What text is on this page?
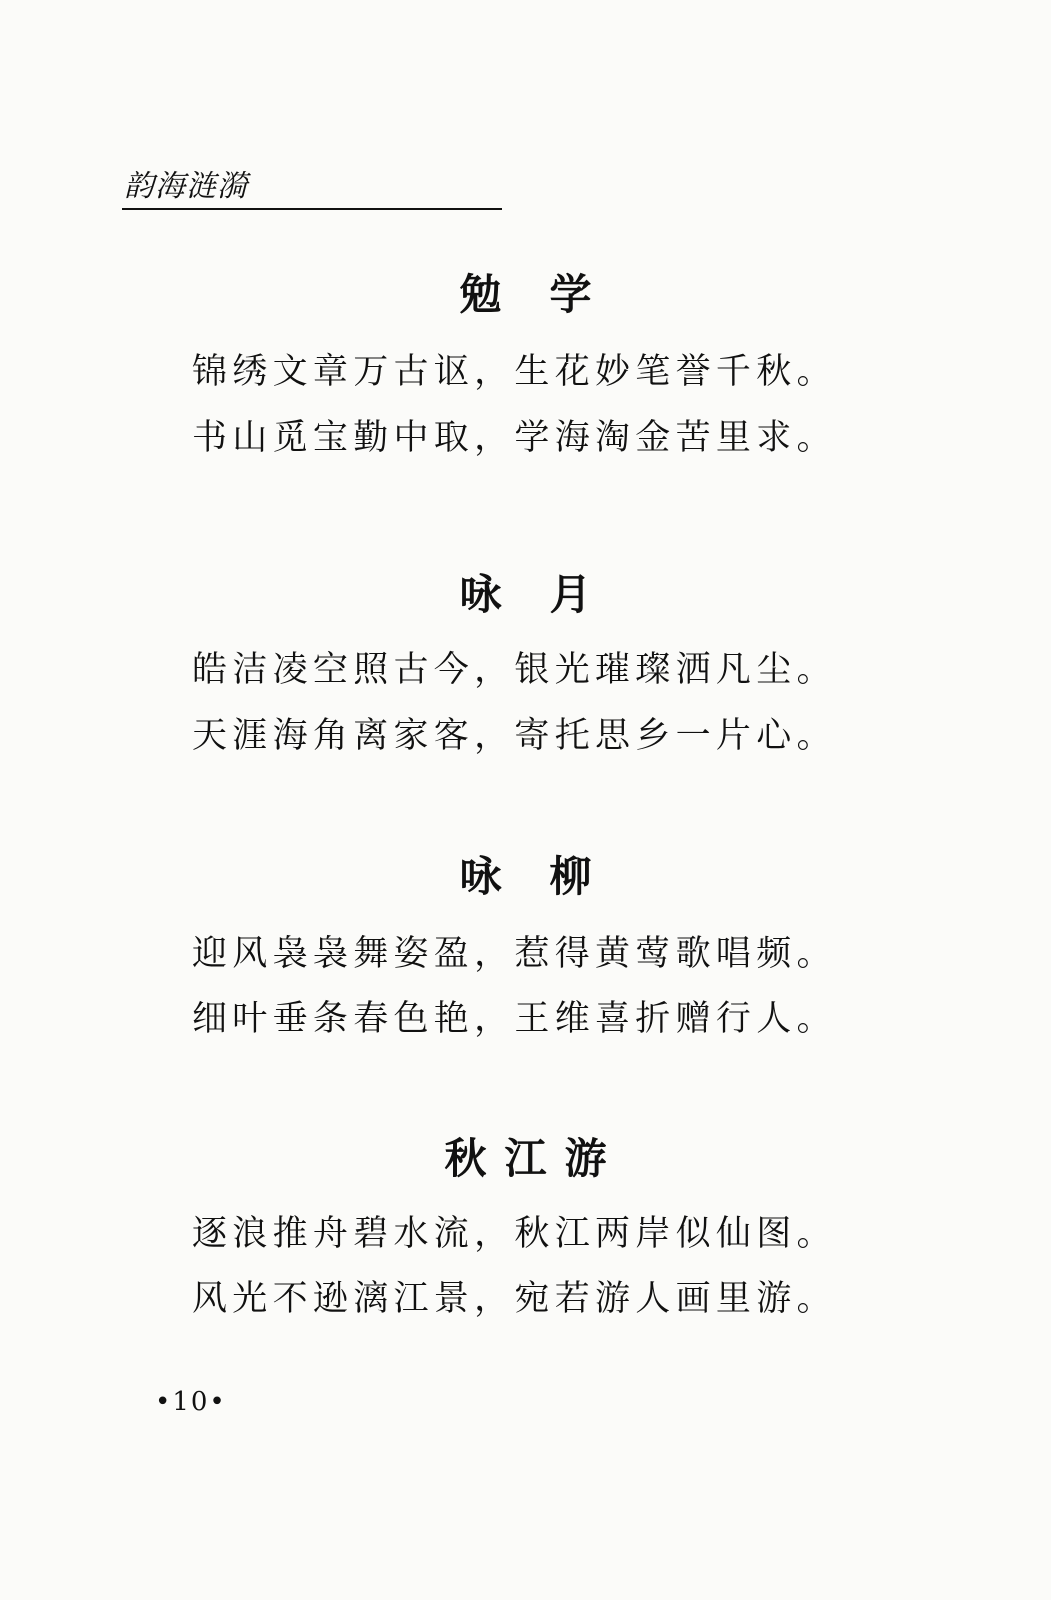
韵海涟漪
勉学
锦绣文章万古讴，生花妙笔誉千秋。
书山觅宝勤中取，学海淘金苦里求。
咏月
皓洁凌空照古今，银光璀璨洒凡尘。
天涯海角离家客，寄托思乡一片心。
咏柳
迎风袅袅舞姿盈，惹得黄莺歌唱频。
细叶垂条春色艳，王维喜折赠行人。
秋江游
逐浪推舟碧水流，秋江两岸似仙图。
风光不逊漓江景，宛若游人画里游。
•10•
